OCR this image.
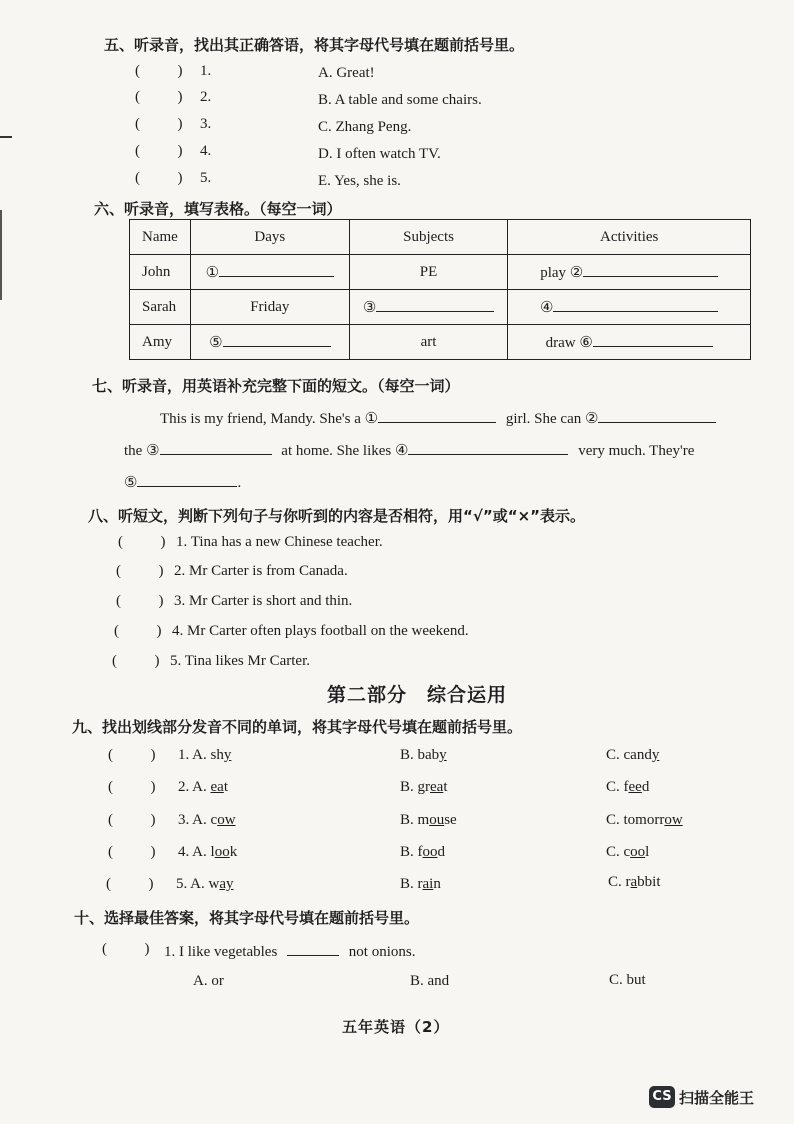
五、听录音，找出其正确答语，将其字母代号填在题前括号里。
(   ) 1.	A. Great!
(   ) 2.	B. A table and some chairs.
(   ) 3.	C. Zhang Peng.
(   ) 4.	D. I often watch TV.
(   ) 5.	E. Yes, she is.
六、听录音，填写表格。（每空一词）
Name	Days	Subjects	Activities
John	①	PE	play ②
Sarah	Friday	③	④
Amy	⑤	art	draw ⑥
七、听录音，用英语补充完整下面的短文。（每空一词）
This is my friend, Mandy. She's a ①	girl. She can ②
the ③	at home. She likes ④	very much. They're
⑤	.
八、听短文，判断下列句子与你听到的内容是否相符，用“√”或“×”表示。
(   ) 1. Tina has a new Chinese teacher.
(   ) 2. Mr Carter is from Canada.
(   ) 3. Mr Carter is short and thin.
(   ) 4. Mr Carter often plays football on the weekend.
(   ) 5. Tina likes Mr Carter.
第二部分　综合运用
九、找出划线部分发音不同的单词，将其字母代号填在题前括号里。
(   ) 1. A. shy	B. baby	C. candy
(   ) 2. A. eat	B. great	C. feed
(   ) 3. A. cow	B. mouse	C. tomorrow
(   ) 4. A. look	B. food	C. cool
(   ) 5. A. way	B. rain	C. rabbit
十、选择最佳答案，将其字母代号填在题前括号里。
(   ) 1. I like vegetables	not onions.
A. or	B. and	C. but
五年英语（2）
CS 扫描全能王
